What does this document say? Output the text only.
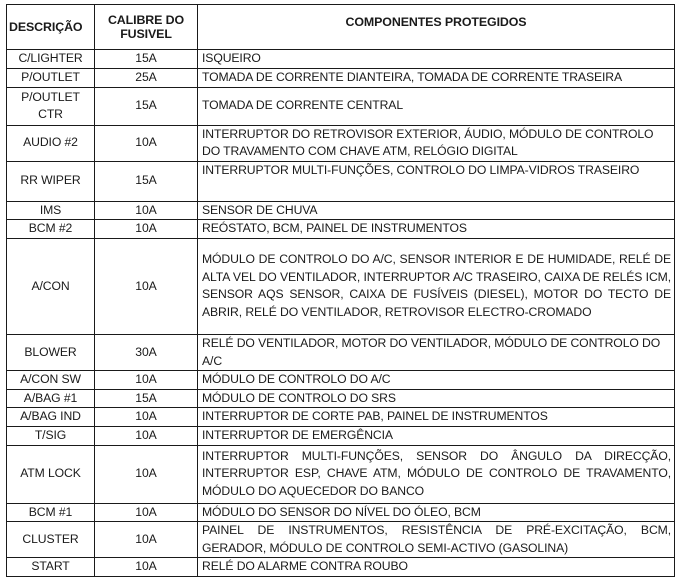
DESCRIÇÃO	CALIBRE DO FUSIVEL	COMPONENTES PROTEGIDOS
C/LIGHTER	15A	ISQUEIRO
P/OUTLET	25A	TOMADA DE CORRENTE DIANTEIRA, TOMADA DE CORRENTE TRASEIRA
P/OUTLET CTR	15A	TOMADA DE CORRENTE CENTRAL
AUDIO #2	10A	INTERRUPTOR DO RETROVISOR EXTERIOR, ÁUDIO, MÓDULO DE CONTROLO DO TRAVAMENTO COM CHAVE ATM, RELÓGIO DIGITAL
RR WIPER	15A	INTERRUPTOR MULTI-FUNÇÕES, CONTROLO DO LIMPA-VIDROS TRASEIRO
IMS	10A	SENSOR DE CHUVA
BCM #2	10A	REÓSTATO, BCM, PAINEL DE INSTRUMENTOS
A/CON	10A	MÓDULO DE CONTROLO DO A/C, SENSOR INTERIOR E DE HUMIDADE, RELÉ DE ALTA VEL DO VENTILADOR, INTERRUPTOR A/C TRASEIRO, CAIXA DE RELÉS ICM, SENSOR AQS SENSOR, CAIXA DE FUSÍVEIS (DIESEL), MOTOR DO TECTO DE ABRIR, RELÉ DO VENTILADOR, RETROVISOR ELECTRO-CROMADO
BLOWER	30A	RELÉ DO VENTILADOR, MOTOR DO VENTILADOR, MÓDULO DE CONTROLO DO A/C
A/CON SW	10A	MÓDULO DE CONTROLO DO A/C
A/BAG #1	15A	MÓDULO DE CONTROLO DO SRS
A/BAG IND	10A	INTERRUPTOR DE CORTE PAB, PAINEL DE INSTRUMENTOS
T/SIG	10A	INTERRUPTOR DE EMERGÊNCIA
ATM LOCK	10A	INTERRUPTOR MULTI-FUNÇÕES, SENSOR DO ÂNGULO DA DIRECÇÃO, INTERRUPTOR ESP, CHAVE ATM, MÓDULO DE CONTROLO DE TRAVAMENTO, MÓDULO DO AQUECEDOR DO BANCO
BCM #1	10A	MÓDULO DO SENSOR DO NÍVEL DO ÓLEO, BCM
CLUSTER	10A	PAINEL DE INSTRUMENTOS, RESISTÊNCIA DE PRÉ-EXCITAÇÃO, BCM, GERADOR, MÓDULO DE CONTROLO SEMI-ACTIVO (GASOLINA)
START	10A	RELÉ DO ALARME CONTRA ROUBO
